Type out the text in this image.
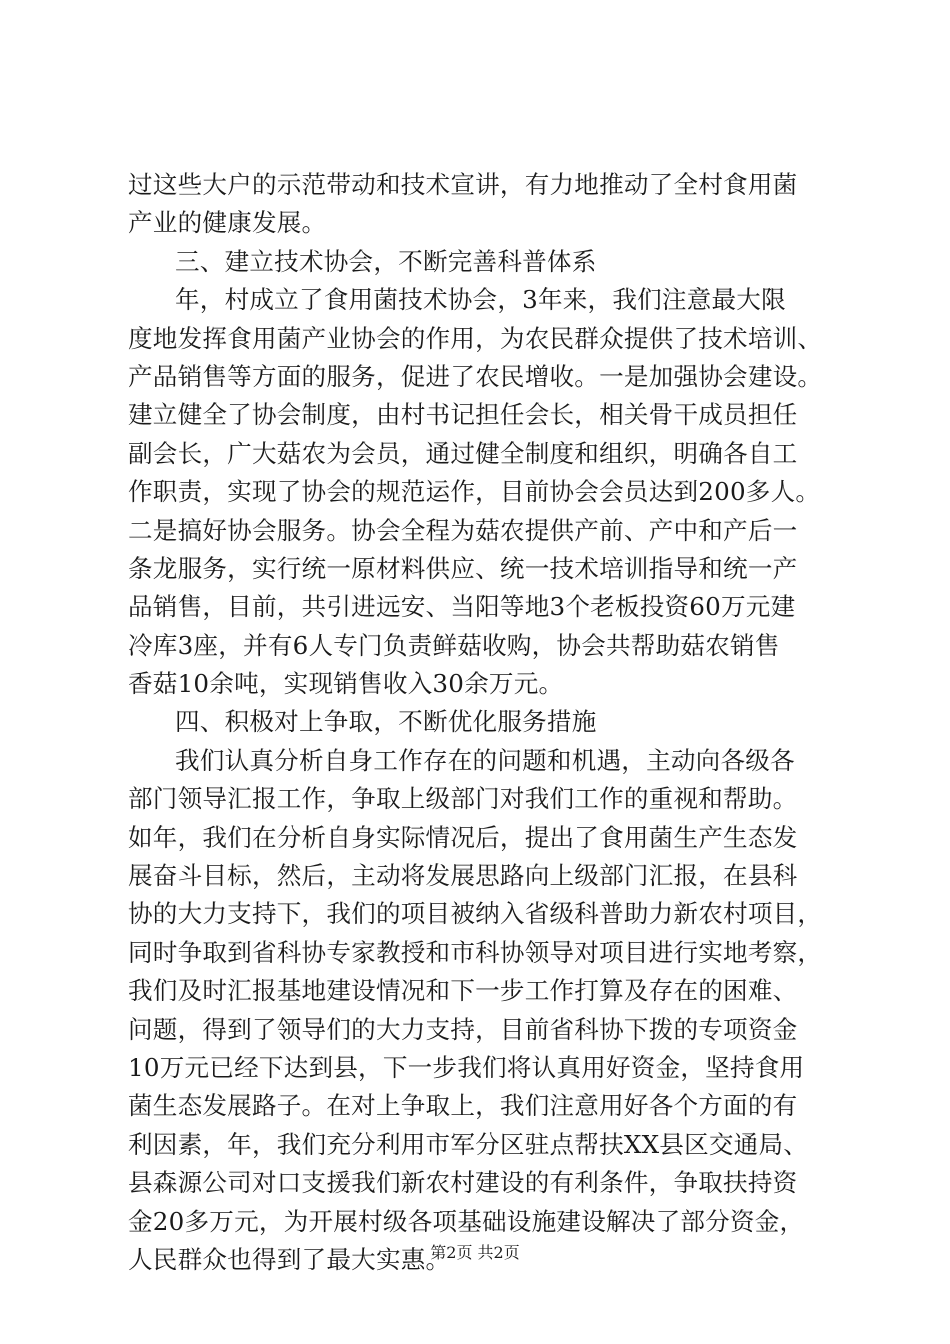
过这些大户的示范带动和技术宣讲，有力地推动了全村食用菌
产业的健康发展。
三、建立技术协会，不断完善科普体系
年，村成立了食用菌技术协会，3年来，我们注意最大限
度地发挥食用菌产业协会的作用，为农民群众提供了技术培训、
产品销售等方面的服务，促进了农民增收。一是加强协会建设。
建立健全了协会制度，由村书记担任会长，相关骨干成员担任
副会长，广大菇农为会员，通过健全制度和组织，明确各自工
作职责，实现了协会的规范运作，目前协会会员达到200多人。
二是搞好协会服务。协会全程为菇农提供产前、产中和产后一
条龙服务，实行统一原材料供应、统一技术培训指导和统一产
品销售，目前，共引进远安、当阳等地3个老板投资60万元建
冷库3座，并有6人专门负责鲜菇收购，协会共帮助菇农销售
香菇10余吨，实现销售收入30余万元。
四、积极对上争取，不断优化服务措施
我们认真分析自身工作存在的问题和机遇，主动向各级各
部门领导汇报工作，争取上级部门对我们工作的重视和帮助。
如年，我们在分析自身实际情况后，提出了食用菌生产生态发
展奋斗目标，然后，主动将发展思路向上级部门汇报，在县科
协的大力支持下，我们的项目被纳入省级科普助力新农村项目，
同时争取到省科协专家教授和市科协领导对项目进行实地考察，
我们及时汇报基地建设情况和下一步工作打算及存在的困难、
问题，得到了领导们的大力支持，目前省科协下拨的专项资金
10万元已经下达到县，下一步我们将认真用好资金，坚持食用
菌生态发展路子。在对上争取上，我们注意用好各个方面的有
利因素，年，我们充分利用市军分区驻点帮扶XX县区交通局、
县森源公司对口支援我们新农村建设的有利条件，争取扶持资
金20多万元，为开展村级各项基础设施建设解决了部分资金，
人民群众也得到了最大实惠。
第2页 共2页
